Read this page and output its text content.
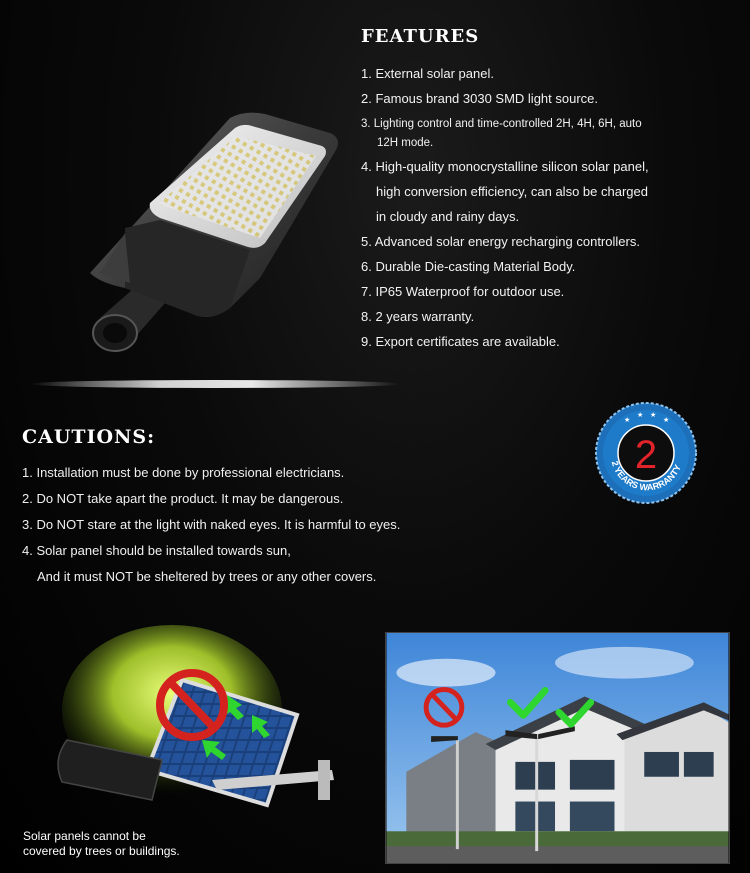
FEATURES
1. External solar panel.
2. Famous brand 3030 SMD light source.
3. Lighting control and time-controlled 2H, 4H, 6H, auto
12H mode.
4. High-quality monocrystalline silicon solar panel,
high conversion efficiency, can also be charged
in cloudy and rainy days.
5. Advanced solar energy recharging controllers.
6. Durable Die-casting Material Body.
7. IP65 Waterproof for outdoor use.
8. 2 years warranty.
9. Export certificates are available.
CAUTIONS:
1. Installation must be done by professional electricians.
2. Do NOT take apart the product. It may be dangerous.
3. Do NOT stare at the light with naked eyes. It is harmful to eyes.
4. Solar panel should be installed towards sun,
And it must NOT be sheltered by trees or any other covers.
★
★ ★
★
2
2 YEARS WARRANTY
Solar panels cannot be
covered by trees or buildings.
